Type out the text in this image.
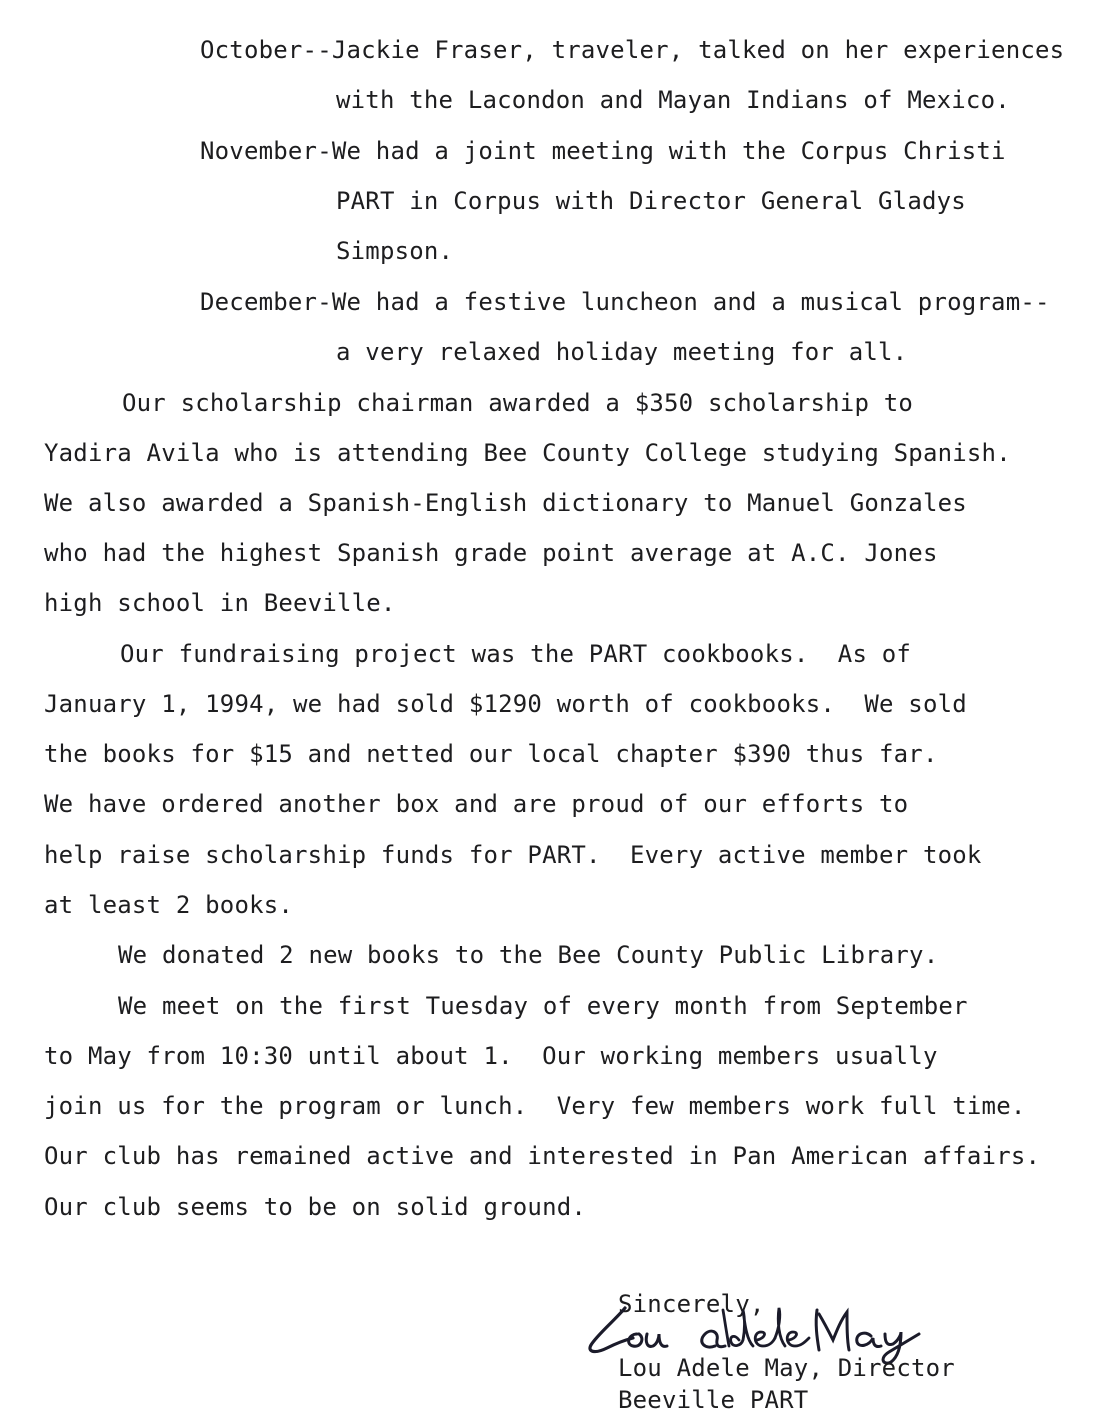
October--Jackie Fraser, traveler, talked on her experiences
with the Lacondon and Mayan Indians of Mexico.
November-We had a joint meeting with the Corpus Christi
PART in Corpus with Director General Gladys
Simpson.
December-We had a festive luncheon and a musical program--
a very relaxed holiday meeting for all.
Our scholarship chairman awarded a $350 scholarship to
Yadira Avila who is attending Bee County College studying Spanish.
We also awarded a Spanish-English dictionary to Manuel Gonzales
who had the highest Spanish grade point average at A.C. Jones
high school in Beeville.
Our fundraising project was the PART cookbooks.  As of
January 1, 1994, we had sold $1290 worth of cookbooks.  We sold
the books for $15 and netted our local chapter $390 thus far.
We have ordered another box and are proud of our efforts to
help raise scholarship funds for PART.  Every active member took
at least 2 books.
We donated 2 new books to the Bee County Public Library.
We meet on the first Tuesday of every month from September
to May from 10:30 until about 1.  Our working members usually
join us for the program or lunch.  Very few members work full time.
Our club has remained active and interested in Pan American affairs.
Our club seems to be on solid ground.
Sincerely,
Lou Adele May, Director
Beeville PART
